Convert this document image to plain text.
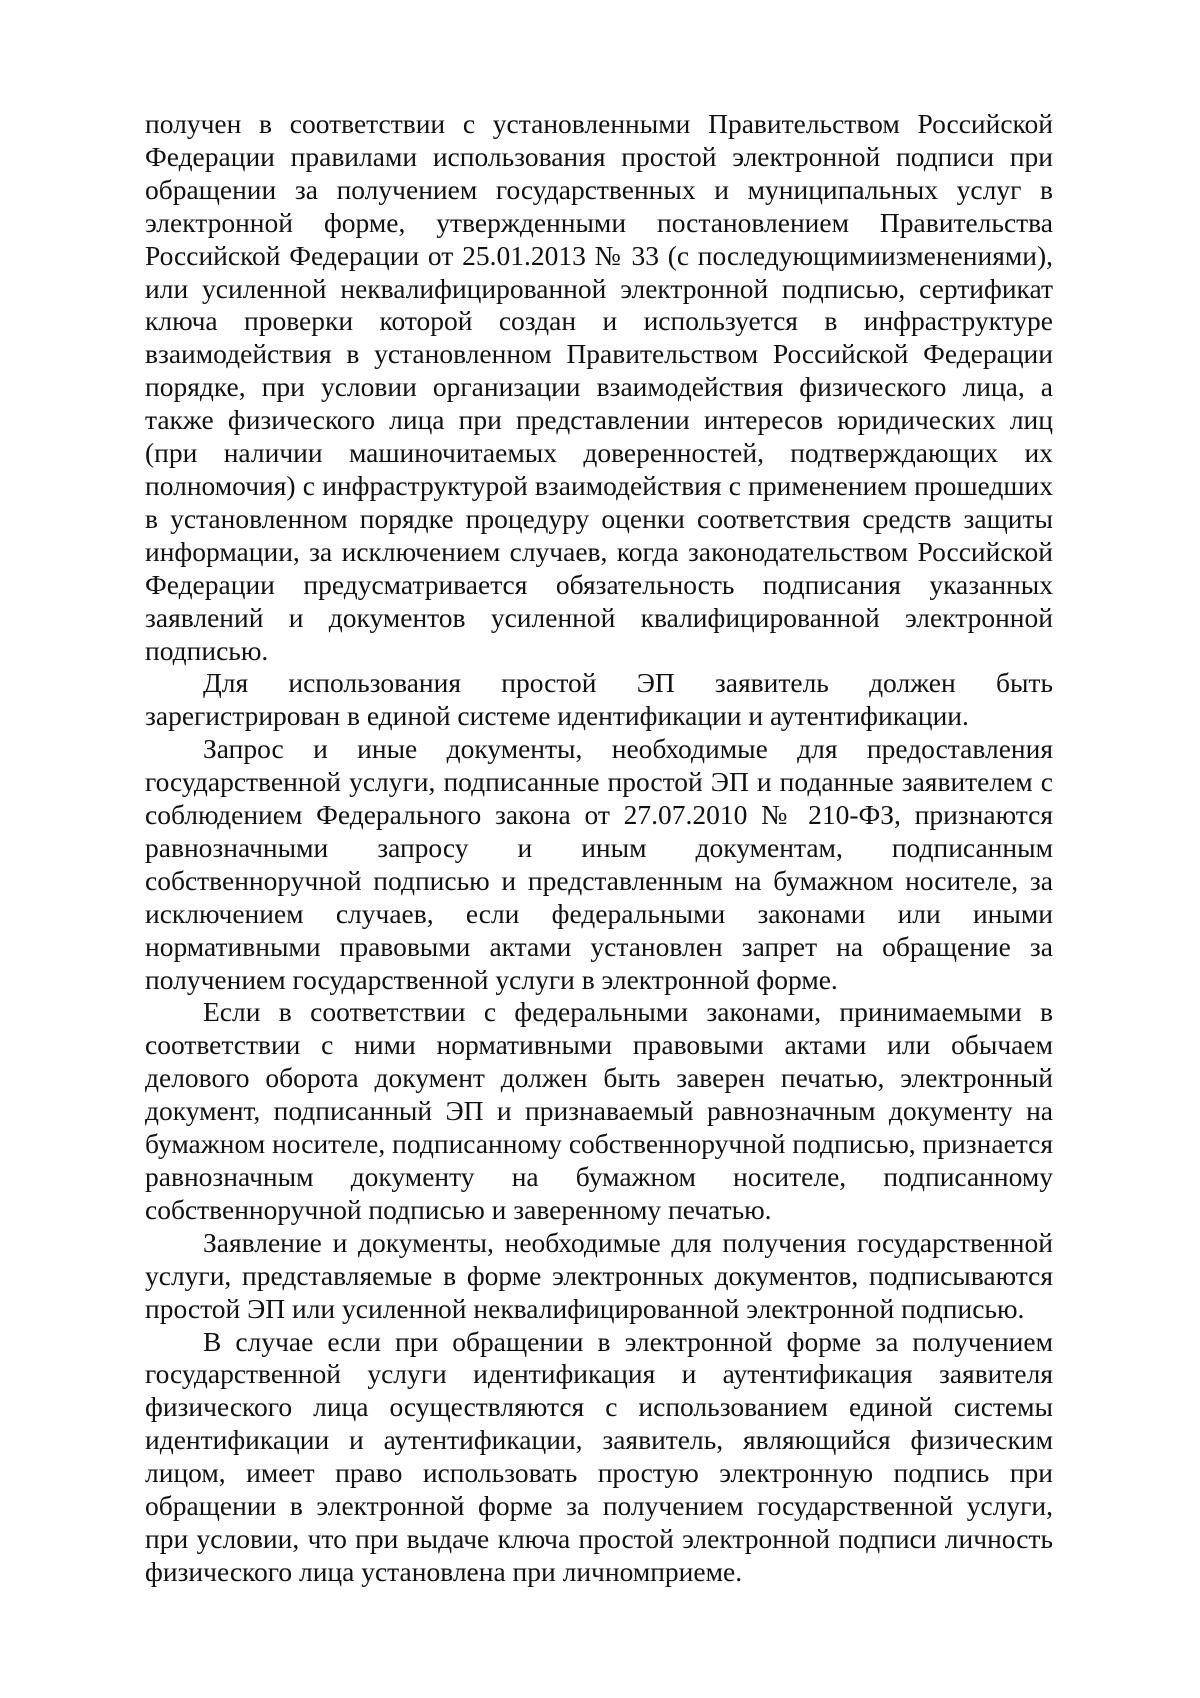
получен в соответствии с установленными Правительством Российской Федерации правилами использования простой электронной подписи при обращении за получением государственных и муниципальных услуг в электронной форме, утвержденными постановлением Правительства Российской Федерации от 25.01.2013 № 33 (с последующимиизменениями), или усиленной неквалифицированной электронной подписью, сертификат ключа проверки которой создан и используется в инфраструктуре взаимодействия в установленном Правительством Российской Федерации порядке, при условии организации взаимодействия физического лица, а также физического лица при представлении интересов юридических лиц (при наличии машиночитаемых доверенностей, подтверждающих их полномочия) с инфраструктурой взаимодействия с применением прошедших в установленном порядке процедуру оценки соответствия средств защиты информации, за исключением случаев, когда законодательством Российской Федерации предусматривается обязательность подписания указанных заявлений и документов усиленной квалифицированной электронной подписью.

Для использования простой ЭП заявитель должен быть зарегистрирован в единой системе идентификации и аутентификации.

Запрос и иные документы, необходимые для предоставления государственной услуги, подписанные простой ЭП и поданные заявителем с соблюдением Федерального закона от 27.07.2010 № 210-ФЗ, признаются равнозначными запросу и иным документам, подписанным собственноручной подписью и представленным на бумажном носителе, за исключением случаев, если федеральными законами или иными нормативными правовыми актами установлен запрет на обращение за получением государственной услуги в электронной форме.

Если в соответствии с федеральными законами, принимаемыми в соответствии с ними нормативными правовыми актами или обычаем делового оборота документ должен быть заверен печатью, электронный документ, подписанный ЭП и признаваемый равнозначным документу на бумажном носителе, подписанному собственноручной подписью, признается равнозначным документу на бумажном носителе, подписанному собственноручной подписью и заверенному печатью.

Заявление и документы, необходимые для получения государственной услуги, представляемые в форме электронных документов, подписываются простой ЭП или усиленной неквалифицированной электронной подписью.

В случае если при обращении в электронной форме за получением государственной услуги идентификация и аутентификация заявителя физического лица осуществляются с использованием единой системы идентификации и аутентификации, заявитель, являющийся физическим лицом, имеет право использовать простую электронную подпись при обращении в электронной форме за получением государственной услуги, при условии, что при выдаче ключа простой электронной подписи личность физического лица установлена при личномприеме.
